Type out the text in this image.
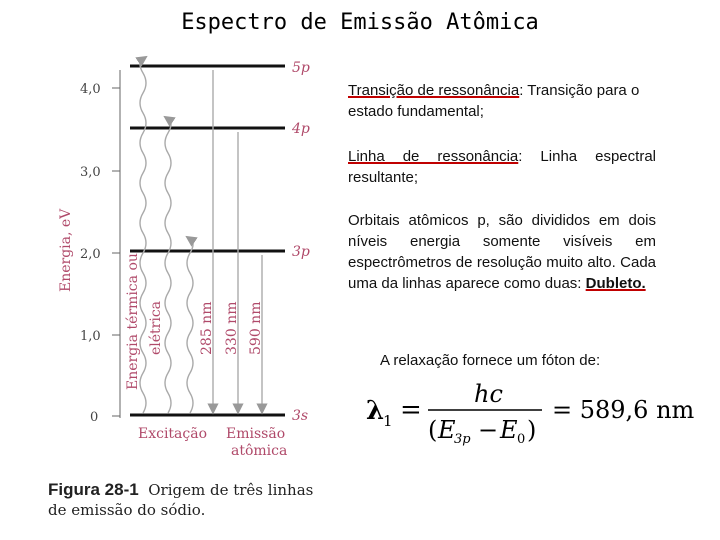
Espectro de Emissão Atômica
4,0
3,0
2,0
1,0
0
Energia, eV
5p
4p
3p
3s
Energia térmica ou elétrica	285 nm 330 nm 590 nm
Excitação Emissão
atômica
Transição de ressonância: Transição para o estado fundamental;
Linha de ressonância: Linha espectral resultante;
Orbitais atômicos p, são divididos em dois níveis energia somente visíveis em espectrômetros de resolução muito alto. Cada uma da linhas aparece como duas: Dubleto.
A relaxação fornece um fóton de:
λ
1 =
hc
( E
3p − E 0 )
= 589,6 nm
Figura 28-1 Origem de três linhas
de emissão do sódio.
